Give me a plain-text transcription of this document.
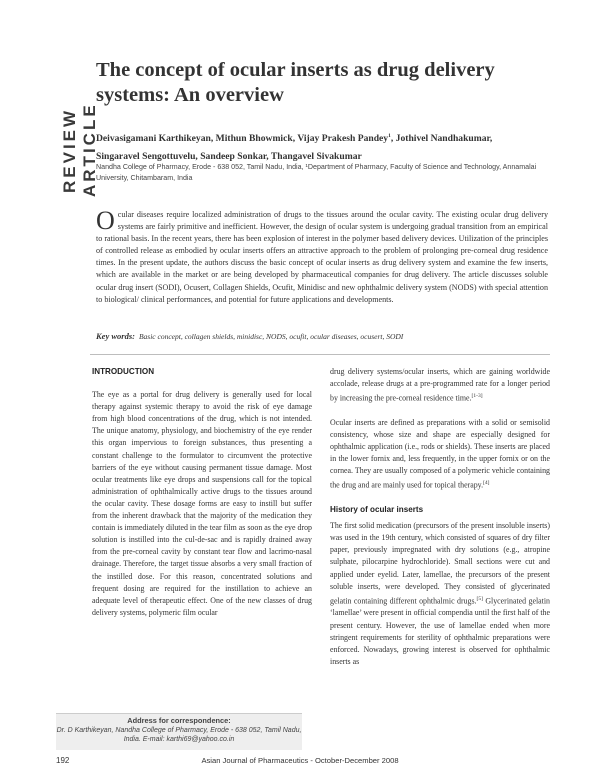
REVIEW ARTICLE
The concept of ocular inserts as drug delivery systems: An overview
Deivasigamani Karthikeyan, Mithun Bhowmick, Vijay Prakesh Pandey$^1$, Jothivel Nandhakumar,
Singaravel Sengottuvelu, Sandeep Sonkar, Thangavel Sivakumar
Nandha College of Pharmacy, Erode - 638 052, Tamil Nadu, India, ¹Department of Pharmacy, Faculty of Science and Technology, Annamalai University, Chitambaram, India
Ocular diseases require localized administration of drugs to the tissues around the ocular cavity. The existing ocular drug delivery systems are fairly primitive and inefficient. However, the design of ocular system is undergoing gradual transition from an empirical to rational basis. In the recent years, there has been explosion of interest in the polymer based delivery devices. Utilization of the principles of controlled release as embodied by ocular inserts offers an attractive approach to the problem of prolonging pre-corneal drug residence times. In the present update, the authors discuss the basic concept of ocular inserts as drug delivery system and examine the few inserts, which are available in the market or are being developed by pharmaceutical companies for drug delivery. The article discusses soluble ocular drug insert (SODI), Ocusert, Collagen Shields, Ocufit, Minidisc and new ophthalmic delivery system (NODS) with special attention to biological/ clinical performances, and potential for future applications and developments.
Key words: Basic concept, collagen shields, minidisc, NODS, ocufit, ocular diseases, ocusert, SODI
INTRODUCTION

The eye as a portal for drug delivery is generally used for local therapy against systemic therapy to avoid the risk of eye damage from high blood concentrations of the drug, which is not intended. The unique anatomy, physiology, and biochemistry of the eye render this organ impervious to foreign substances, thus presenting a constant challenge to the formulator to circumvent the protective barriers of the eye without causing permanent tissue damage. Most ocular treatments like eye drops and suspensions call for the topical administration of ophthalmically active drugs to the tissues around the ocular cavity. These dosage forms are easy to instill but suffer from the inherent drawback that the majority of the medication they contain is immediately diluted in the tear film as soon as the eye drop solution is instilled into the cul-de-sac and is rapidly drained away from the pre-corneal cavity by constant tear flow and lacrimo-nasal drainage. Therefore, the target tissue absorbs a very small fraction of the instilled dose. For this reason, concentrated solutions and frequent dosing are required for the instillation to achieve an adequate level of therapeutic effect. One of the new classes of drug delivery systems, polymeric film ocular

drug delivery systems/ocular inserts, which are gaining worldwide accolade, release drugs at a pre-programmed rate for a longer period by increasing the pre-corneal residence time.[1-3]

Ocular inserts are defined as preparations with a solid or semisolid consistency, whose size and shape are especially designed for ophthalmic application (i.e., rods or shields). These inserts are placed in the lower fornix and, less frequently, in the upper fornix or on the cornea. They are usually composed of a polymeric vehicle containing the drug and are mainly used for topical therapy.[4]

History of ocular inserts

The first solid medication (precursors of the present insoluble inserts) was used in the 19th century, which consisted of squares of dry filter paper, previously impregnated with dry solutions (e.g., atropine sulphate, pilocarpine hydrochloride). Small sections were cut and applied under eyelid. Later, lamellae, the precursors of the present soluble inserts, were developed. They consisted of glycerinated gelatin containing different ophthalmic drugs.[5] Glycerinated gelatin ‘lamellae’ were present in official compendia until the first half of the present century. However, the use of lamellae ended when more stringent requirements for sterility of ophthalmic preparations were enforced. Nowadays, growing interest is observed for ophthalmic inserts as

Address for correspondence:
Dr. D Karthikeyan, Nandha College of Pharmacy, Erode - 638 052, Tamil Nadu, India. E-mail: karthi69@yahoo.co.in
192	Asian Journal of Pharmaceutics - October-December 2008
